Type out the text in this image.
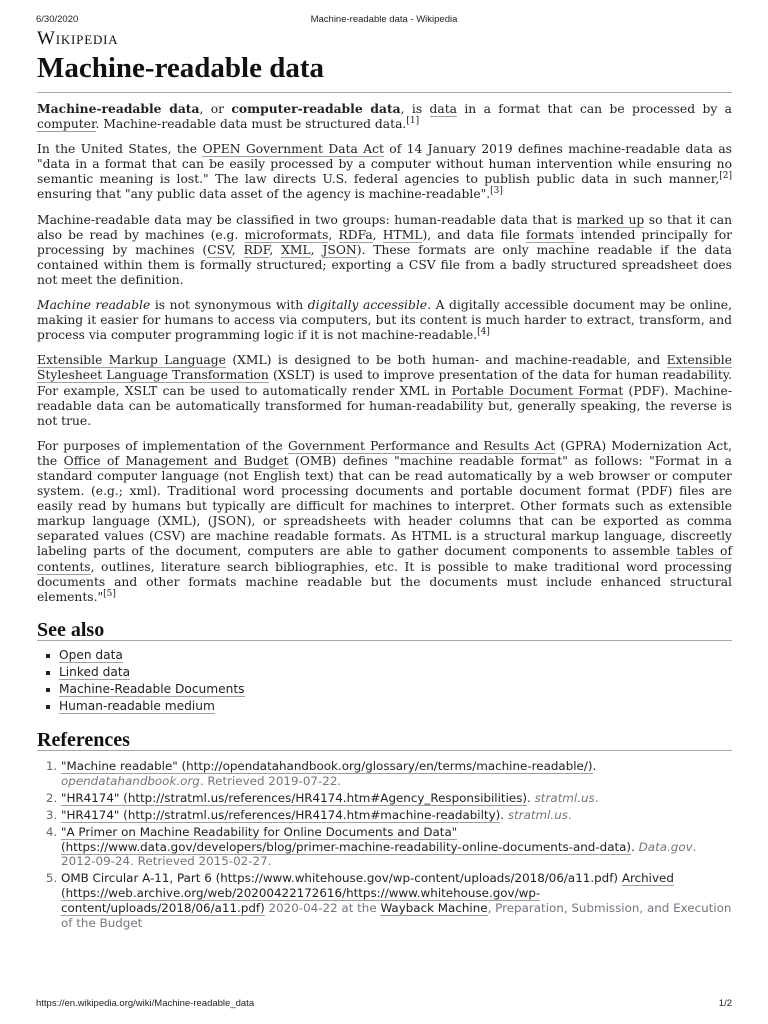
6/30/2020	Machine-readable data - Wikipedia
Wikipedia
Machine-readable data

Machine-readable data, or computer-readable data, is data in a format that can be processed by a computer. Machine-readable data must be structured data.[1]

In the United States, the OPEN Government Data Act of 14 January 2019 defines machine-readable data as "data in a format that can be easily processed by a computer without human intervention while ensuring no semantic meaning is lost." The law directs U.S. federal agencies to publish public data in such manner,[2] ensuring that "any public data asset of the agency is machine-readable".[3]

Machine-readable data may be classified in two groups: human-readable data that is marked up so that it can also be read by machines (e.g. microformats, RDFa, HTML), and data file formats intended principally for processing by machines (CSV, RDF, XML, JSON). These formats are only machine readable if the data contained within them is formally structured; exporting a CSV file from a badly structured spreadsheet does not meet the definition.

Machine readable is not synonymous with digitally accessible. A digitally accessible document may be online, making it easier for humans to access via computers, but its content is much harder to extract, transform, and process via computer programming logic if it is not machine-readable.[4]

Extensible Markup Language (XML) is designed to be both human- and machine-readable, and Extensible Stylesheet Language Transformation (XSLT) is used to improve presentation of the data for human readability. For example, XSLT can be used to automatically render XML in Portable Document Format (PDF). Machine-readable data can be automatically transformed for human-readability but, generally speaking, the reverse is not true.

For purposes of implementation of the Government Performance and Results Act (GPRA) Modernization Act, the Office of Management and Budget (OMB) defines "machine readable format" as follows: "Format in a standard computer language (not English text) that can be read automatically by a web browser or computer system. (e.g.; xml). Traditional word processing documents and portable document format (PDF) files are easily read by humans but typically are difficult for machines to interpret. Other formats such as extensible markup language (XML), (JSON), or spreadsheets with header columns that can be exported as comma separated values (CSV) are machine readable formats. As HTML is a structural markup language, discreetly labeling parts of the document, computers are able to gather document components to assemble tables of contents, outlines, literature search bibliographies, etc. It is possible to make traditional word processing documents and other formats machine readable but the documents must include enhanced structural elements."[5]

See also
Open data
Linked data
Machine-Readable Documents
Human-readable medium
References
1. "Machine readable" (http://opendatahandbook.org/glossary/en/terms/machine-readable/). opendatahandbook.org. Retrieved 2019-07-22.
2. "HR4174" (http://stratml.us/references/HR4174.htm#Agency_Responsibilities). stratml.us.
3. "HR4174" (http://stratml.us/references/HR4174.htm#machine-readabilty). stratml.us.
4. "A Primer on Machine Readability for Online Documents and Data" (https://www.data.gov/developers/blog/primer-machine-readability-online-documents-and-data). Data.gov. 2012-09-24. Retrieved 2015-02-27.
5. OMB Circular A-11, Part 6 (https://www.whitehouse.gov/wp-content/uploads/2018/06/a11.pdf) Archived (https://web.archive.org/web/20200422172616/https://www.whitehouse.gov/wp-content/uploads/2018/06/a11.pdf) 2020-04-22 at the Wayback Machine, Preparation, Submission, and Execution of the Budget
https://en.wikipedia.org/wiki/Machine-readable_data	1/2
